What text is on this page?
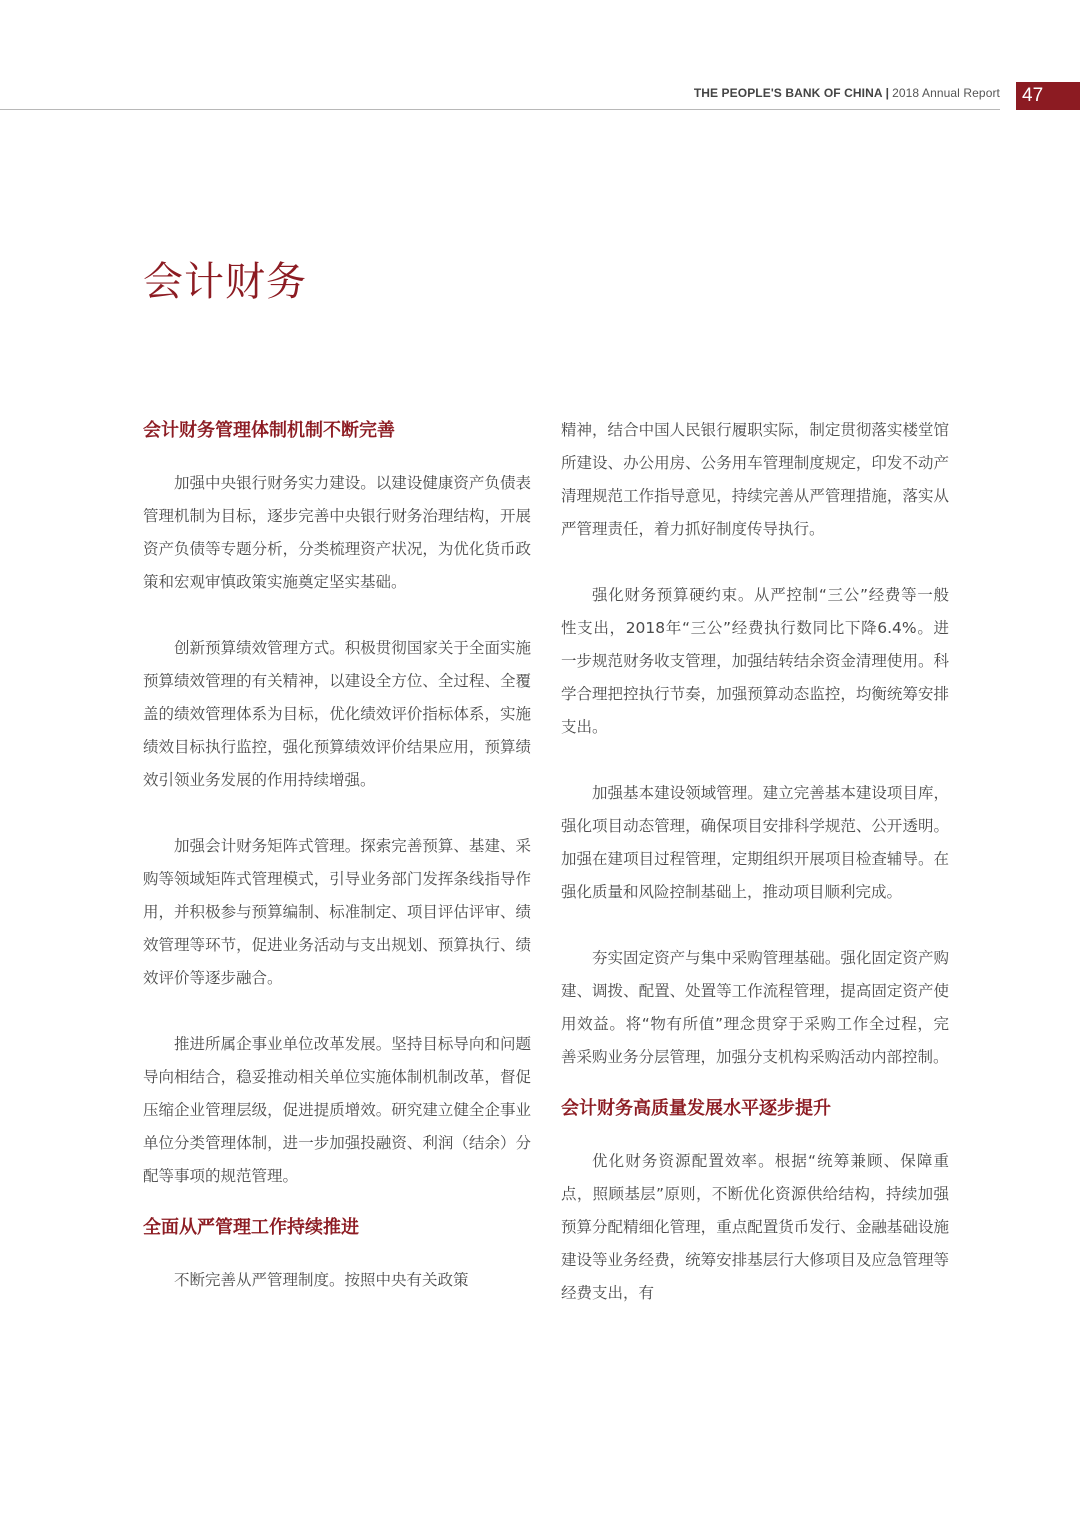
THE PEOPLE'S BANK OF CHINA | 2018 Annual Report	47
会计财务
会计财务管理体制机制不断完善

加强中央银行财务实力建设。以建设健康资产负债表管理机制为目标，逐步完善中央银行财务治理结构，开展资产负债等专题分析，分类梳理资产状况，为优化货币政策和宏观审慎政策实施奠定坚实基础。

创新预算绩效管理方式。积极贯彻国家关于全面实施预算绩效管理的有关精神，以建设全方位、全过程、全覆盖的绩效管理体系为目标，优化绩效评价指标体系，实施绩效目标执行监控，强化预算绩效评价结果应用，预算绩效引领业务发展的作用持续增强。

加强会计财务矩阵式管理。探索完善预算、基建、采购等领域矩阵式管理模式，引导业务部门发挥条线指导作用，并积极参与预算编制、标准制定、项目评估评审、绩效管理等环节，促进业务活动与支出规划、预算执行、绩效评价等逐步融合。

推进所属企事业单位改革发展。坚持目标导向和问题导向相结合，稳妥推动相关单位实施体制机制改革，督促压缩企业管理层级，促进提质增效。研究建立健全企事业单位分类管理体制，进一步加强投融资、利润（结余）分配等事项的规范管理。

全面从严管理工作持续推进

不断完善从严管理制度。按照中央有关政策

精神，结合中国人民银行履职实际，制定贯彻落实楼堂馆所建设、办公用房、公务用车管理制度规定，印发不动产清理规范工作指导意见，持续完善从严管理措施，落实从严管理责任，着力抓好制度传导执行。

强化财务预算硬约束。从严控制“三公”经费等一般性支出，2018年“三公”经费执行数同比下降6.4%。进一步规范财务收支管理，加强结转结余资金清理使用。科学合理把控执行节奏，加强预算动态监控，均衡统筹安排支出。

加强基本建设领域管理。建立完善基本建设项目库，强化项目动态管理，确保项目安排科学规范、公开透明。加强在建项目过程管理，定期组织开展项目检查辅导。在强化质量和风险控制基础上，推动项目顺利完成。

夯实固定资产与集中采购管理基础。强化固定资产购建、调拨、配置、处置等工作流程管理，提高固定资产使用效益。将“物有所值”理念贯穿于采购工作全过程，完善采购业务分层管理，加强分支机构采购活动内部控制。

会计财务高质量发展水平逐步提升

优化财务资源配置效率。根据“统筹兼顾、保障重点，照顾基层”原则，不断优化资源供给结构，持续加强预算分配精细化管理，重点配置货币发行、金融基础设施建设等业务经费，统筹安排基层行大修项目及应急管理等经费支出，有
